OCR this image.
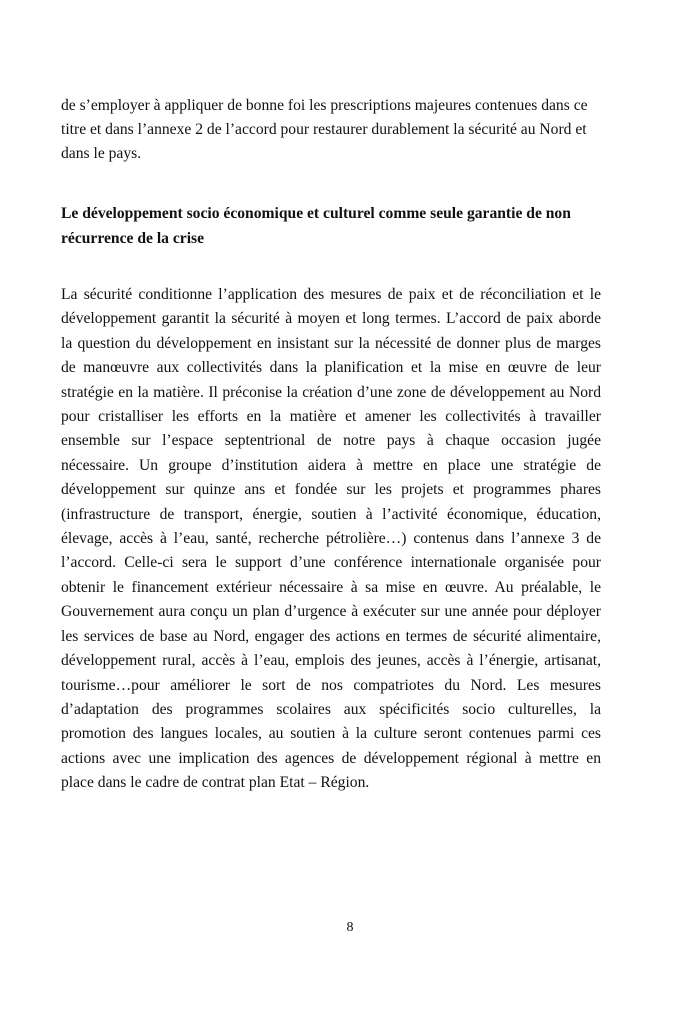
de s’employer à appliquer de bonne foi les prescriptions majeures contenues dans ce
titre et dans l’annexe 2 de l’accord pour restaurer durablement la sécurité au Nord et
dans le pays.

Le développement socio économique et culturel comme seule garantie de non
récurrence de la crise

La sécurité conditionne l’application des mesures de paix et de réconciliation et le
développement garantit la sécurité à moyen et long termes. L’accord de paix aborde
la question du développement en insistant sur la nécessité de donner plus de marges
de manœuvre aux collectivités dans la planification et la mise en œuvre de leur
stratégie en la matière. Il préconise la création d’une zone de développement au Nord
pour cristalliser les efforts en la matière et amener les collectivités à travailler
ensemble sur l’espace septentrional de notre pays à chaque occasion jugée
nécessaire. Un groupe d’institution aidera à mettre en place une stratégie de
développement sur quinze ans et fondée sur les projets et programmes phares
(infrastructure de transport, énergie, soutien à l’activité économique, éducation,
élevage, accès à l’eau, santé, recherche pétrolière…) contenus dans l’annexe 3 de
l’accord. Celle-ci sera le support d’une conférence internationale organisée pour
obtenir le financement extérieur nécessaire à sa mise en œuvre. Au préalable, le
Gouvernement aura conçu un plan d’urgence à exécuter sur une année pour déployer
les services de base au Nord, engager des actions en termes de sécurité alimentaire,
développement rural, accès à l’eau, emplois des jeunes, accès à l’énergie, artisanat,
tourisme…pour améliorer le sort de nos compatriotes du Nord. Les mesures
d’adaptation des programmes scolaires aux spécificités socio culturelles, la
promotion des langues locales, au soutien à la culture seront contenues parmi ces
actions avec une implication des agences de développement régional à mettre en
place dans le cadre de contrat plan Etat – Région.

8
